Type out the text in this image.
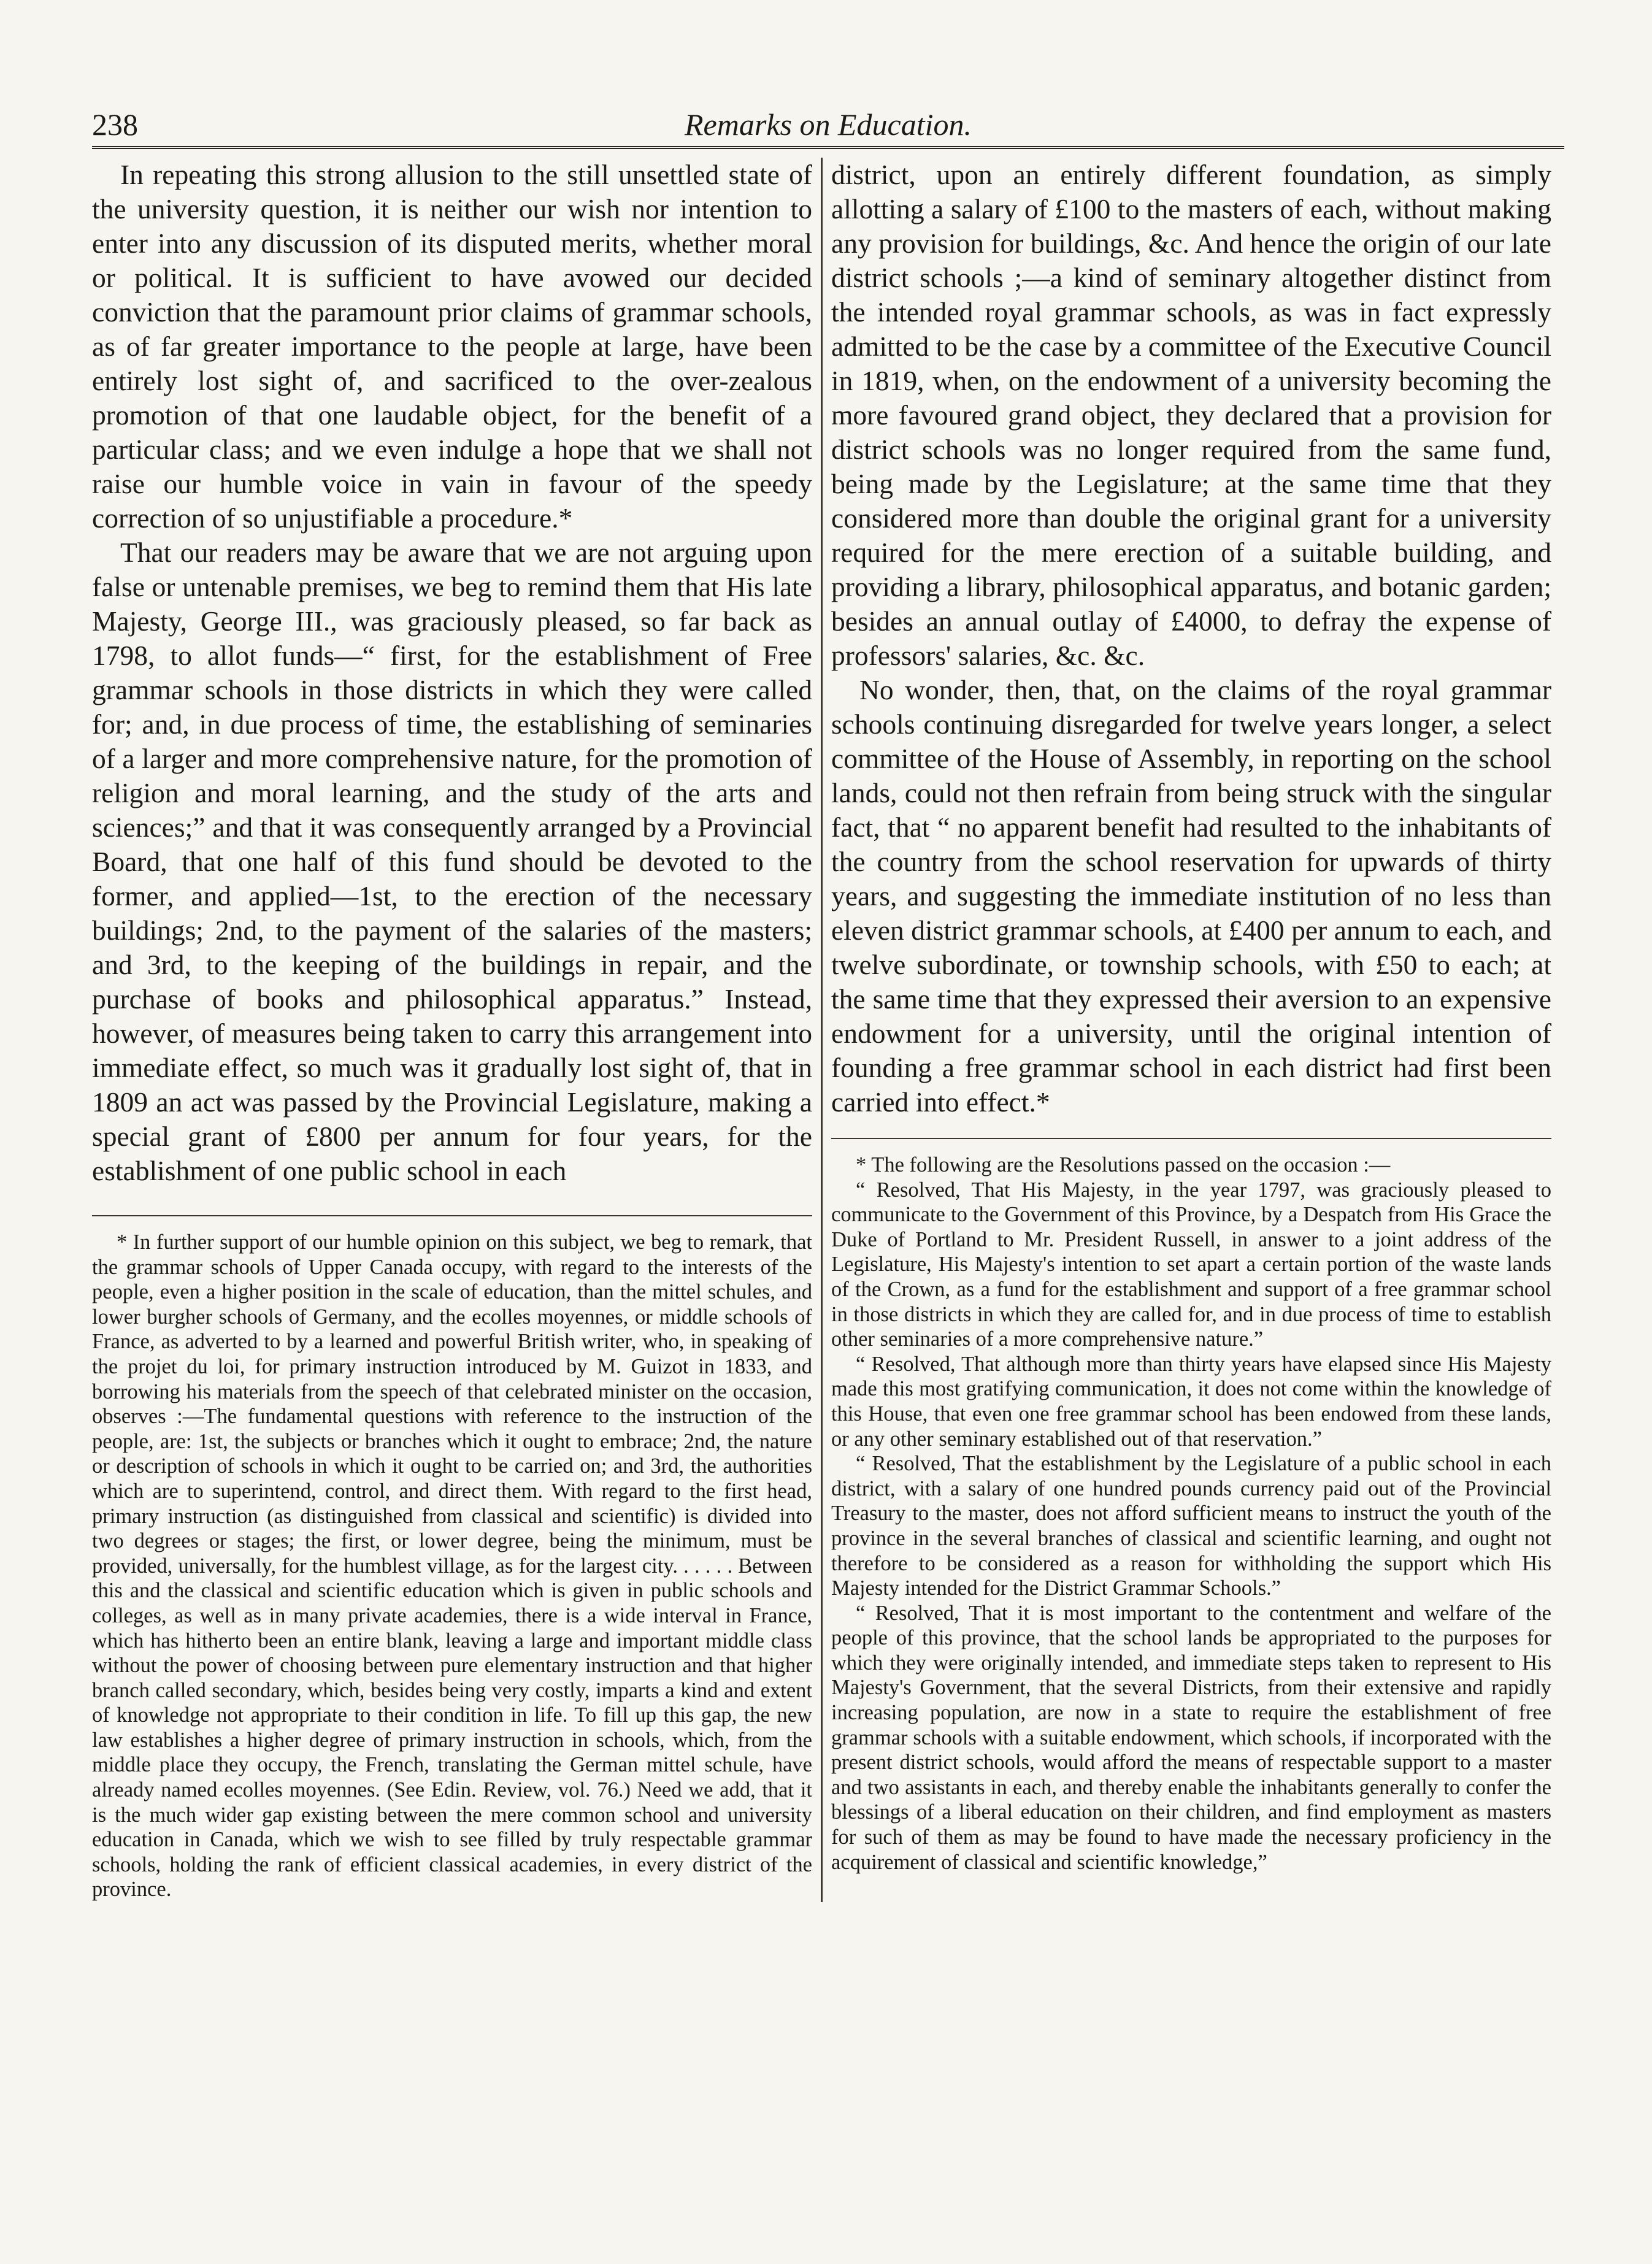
238	Remarks on Education.

In repeating this strong allusion to the still unsettled state of the university question, it is neither our wish nor intention to enter into any discussion of its disputed merits, whether moral or political. It is sufficient to have avowed our decided conviction that the paramount prior claims of grammar schools, as of far greater importance to the people at large, have been entirely lost sight of, and sacrificed to the over-zealous promotion of that one laudable object, for the benefit of a particular class; and we even indulge a hope that we shall not raise our humble voice in vain in favour of the speedy correction of so unjustifiable a procedure.*

That our readers may be aware that we are not arguing upon false or untenable premises, we beg to remind them that His late Majesty, George III., was graciously pleased, so far back as 1798, to allot funds—“ first, for the establishment of Free grammar schools in those districts in which they were called for; and, in due process of time, the establishing of seminaries of a larger and more comprehensive nature, for the promotion of religion and moral learning, and the study of the arts and sciences;” and that it was consequently arranged by a Provincial Board, that one half of this fund should be devoted to the former, and applied—1st, to the erection of the necessary buildings; 2nd, to the payment of the salaries of the masters; and 3rd, to the keeping of the buildings in repair, and the purchase of books and philosophical apparatus.” Instead, however, of measures being taken to carry this arrangement into immediate effect, so much was it gradually lost sight of, that in 1809 an act was passed by the Provincial Legislature, making a special grant of £800 per annum for four years, for the establishment of one public school in each

* In further support of our humble opinion on this subject, we beg to remark, that the grammar schools of Upper Canada occupy, with regard to the interests of the people, even a higher position in the scale of education, than the mittel schules, and lower burgher schools of Germany, and the ecolles moyennes, or middle schools of France, as adverted to by a learned and powerful British writer, who, in speaking of the projet du loi, for primary instruction introduced by M. Guizot in 1833, and borrowing his materials from the speech of that celebrated minister on the occasion, observes :—The fundamental questions with reference to the instruction of the people, are: 1st, the subjects or branches which it ought to embrace; 2nd, the nature or description of schools in which it ought to be carried on; and 3rd, the authorities which are to superintend, control, and direct them. With regard to the first head, primary instruction (as distinguished from classical and scientific) is divided into two degrees or stages; the first, or lower degree, being the minimum, must be provided, universally, for the humblest village, as for the largest city. . . . . . Between this and the classical and scientific education which is given in public schools and colleges, as well as in many private academies, there is a wide interval in France, which has hitherto been an entire blank, leaving a large and important middle class without the power of choosing between pure elementary instruction and that higher branch called secondary, which, besides being very costly, imparts a kind and extent of knowledge not appropriate to their condition in life. To fill up this gap, the new law establishes a higher degree of primary instruction in schools, which, from the middle place they occupy, the French, translating the German mittel schule, have already named ecolles moyennes. (See Edin. Review, vol. 76.) Need we add, that it is the much wider gap existing between the mere common school and university education in Canada, which we wish to see filled by truly respectable grammar schools, holding the rank of efficient classical academies, in every district of the province.

district, upon an entirely different foundation, as simply allotting a salary of £100 to the masters of each, without making any provision for buildings, &c. And hence the origin of our late district schools ;—a kind of seminary altogether distinct from the intended royal grammar schools, as was in fact expressly admitted to be the case by a committee of the Executive Council in 1819, when, on the endowment of a university becoming the more favoured grand object, they declared that a provision for district schools was no longer required from the same fund, being made by the Legislature; at the same time that they considered more than double the original grant for a university required for the mere erection of a suitable building, and providing a library, philosophical apparatus, and botanic garden; besides an annual outlay of £4000, to defray the expense of professors' salaries, &c. &c.

No wonder, then, that, on the claims of the royal grammar schools continuing disregarded for twelve years longer, a select committee of the House of Assembly, in reporting on the school lands, could not then refrain from being struck with the singular fact, that “ no apparent benefit had resulted to the inhabitants of the country from the school reservation for upwards of thirty years, and suggesting the immediate institution of no less than eleven district grammar schools, at £400 per annum to each, and twelve subordinate, or township schools, with £50 to each; at the same time that they expressed their aversion to an expensive endowment for a university, until the original intention of founding a free grammar school in each district had first been carried into effect.*

* The following are the Resolutions passed on the occasion :—

“ Resolved, That His Majesty, in the year 1797, was graciously pleased to communicate to the Government of this Province, by a Despatch from His Grace the Duke of Portland to Mr. President Russell, in answer to a joint address of the Legislature, His Majesty's intention to set apart a certain portion of the waste lands of the Crown, as a fund for the establishment and support of a free grammar school in those districts in which they are called for, and in due process of time to establish other seminaries of a more comprehensive nature.”

“ Resolved, That although more than thirty years have elapsed since His Majesty made this most gratifying communication, it does not come within the knowledge of this House, that even one free grammar school has been endowed from these lands, or any other seminary established out of that reservation.”

“ Resolved, That the establishment by the Legislature of a public school in each district, with a salary of one hundred pounds currency paid out of the Provincial Treasury to the master, does not afford sufficient means to instruct the youth of the province in the several branches of classical and scientific learning, and ought not therefore to be considered as a reason for withholding the support which His Majesty intended for the District Grammar Schools.”

“ Resolved, That it is most important to the contentment and welfare of the people of this province, that the school lands be appropriated to the purposes for which they were originally intended, and immediate steps taken to represent to His Majesty's Government, that the several Districts, from their extensive and rapidly increasing population, are now in a state to require the establishment of free grammar schools with a suitable endowment, which schools, if incorporated with the present district schools, would afford the means of respectable support to a master and two assistants in each, and thereby enable the inhabitants generally to confer the blessings of a liberal education on their children, and find employment as masters for such of them as may be found to have made the necessary proficiency in the acquirement of classical and scientific knowledge,”
